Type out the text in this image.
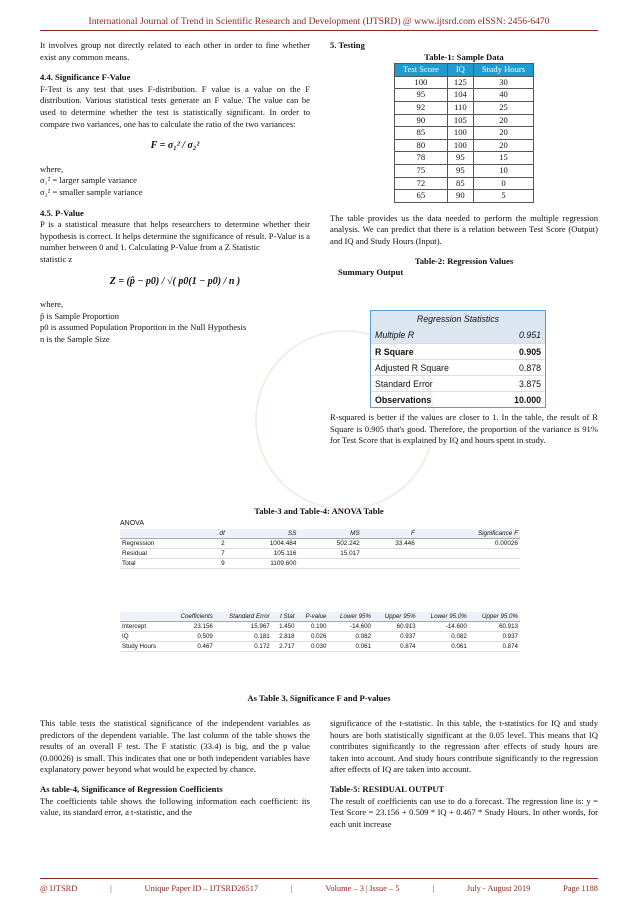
International Journal of Trend in Scientific Research and Development (IJTSRD) @ www.ijtsrd.com eISSN: 2456-6470

It involves group not directly related to each other in order to fine whether exist any common means.

4.4. Significance F-Value

F-Test is any test that uses F-distribution. F value is a value on the F distribution. Various statistical tests generate an F value. The value can be used to determine whether the test is statistically significant. In order to compare two variances, one has to calculate the ratio of the two variances:

F = σ₁² / σ₂²

where,

σ₁² = larger sample variance

σ₂² = smaller sample variance

4.5. P-Value

P is a statistical measure that helps researchers to determine whether their hypothesis is correct. It helps determine the significance of result. P-Value is a number between 0 and 1. Calculating P-Value from a Z Statistic

statistic z

Z = (p̂ − p0) / √( p0(1 − p0) / n )

where,

p̂ is Sample Proportion

p0 is assumed Population Proportion in the Null Hypothesis

n is the Sample Size

5. Testing

Table-1: Sample Data

Test Score	IQ	Study Hours
100	125	30
95	104	40
92	110	25
90	105	20
85	100	20
80	100	20
78	95	15
75	95	10
72	85	0
65	90	5

The table provides us the data needed to perform the multiple regression analysis. We can predict that there is a relation between Test Score (Output) and IQ and Study Hours (Input).

Table-2: Regression Values

Summary Output

Regression Statistics
Multiple R	0.951
R Square	0.905
Adjusted R Square	0.878
Standard Error	3.875
Observations	10.000

R-squared is better if the values are closer to 1. In the table, the result of R Square is 0.905 that's good. Therefore, the proportion of the variance is 91% for Test Score that is explained by IQ and hours spent in study.

Table-3 and Table-4: ANOVA Table

ANOVA
	df	SS	MS	F	Significance F
Regression	2	1004.484	502.242	33.446	0.00026
Residual	7	105.116	15.017		
Total	9	1109.600			
	Coefficients	Standard Error	t Stat	P-value	Lower 95%	Upper 95%	Lower 95.0%	Upper 95.0%
Intercept	23.156	15.967	1.450	0.190	-14.600	60.913	-14.600	60.913
IQ	0.509	0.181	2.818	0.026	0.082	0.937	0.082	0.937
Study Hours	0.467	0.172	2.717	0.030	0.061	0.874	0.061	0.874

As Table 3, Significance F and P-values

This table tests the statistical significance of the independent variables as predictors of the dependent variable. The last column of the table shows the results of an overall F test. The F statistic (33.4) is big, and the p value (0.00026) is small. This indicates that one or both independent variables have explanatory power beyond what would be expected by chance.

As table-4, Significance of Regression Coefficients

The coefficients table shows the following information each coefficient: its value, its standard error, a t-statistic, and the

significance of the t-statistic. In this table, the t-statistics for IQ and study hours are both statistically significant at the 0.05 level. This means that IQ contributes significantly to the regression after effects of study hours are taken into account. And study hours contribute significantly to the regression after effects of IQ are taken into account.

Table-5: RESIDUAL OUTPUT

The result of coefficients can use to do a forecast. The regression line is: y = Test Score = 23.156 + 0.509 * IQ + 0.467 * Study Hours. In other words, for each unit increase

@ IJTSRD	|	Unique Paper ID – IJTSRD26517	|	Volume – 3 | Issue – 5	|	July - August 2019	Page 1188
